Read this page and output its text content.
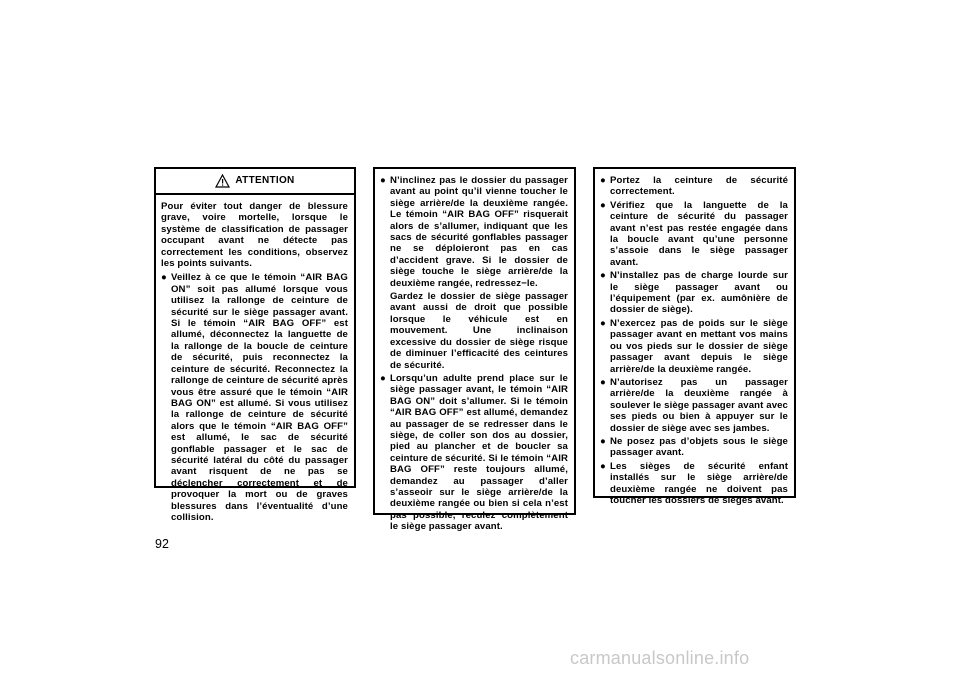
ATTENTION

Pour éviter tout danger de blessure grave, voire mortelle, lorsque le système de classification de passager occupant avant ne détecte pas correctement les conditions, observez les points suivants.

● Veillez à ce que le témoin “AIR BAG ON” soit pas allumé lorsque vous utilisez la rallonge de ceinture de sécurité sur le siège passager avant. Si le témoin “AIR BAG OFF” est allumé, déconnectez la languette de la rallonge de la boucle de ceinture de sécurité, puis reconnectez la ceinture de sécurité. Reconnectez la rallonge de ceinture de sécurité après vous être assuré que le témoin “AIR BAG ON” est allumé. Si vous utilisez la rallonge de ceinture de sécurité alors que le témoin “AIR BAG OFF” est allumé, le sac de sécurité gonflable passager et le sac de sécurité latéral du côté du passager avant risquent de ne pas se déclencher correctement et de provoquer la mort ou de graves blessures dans l’éventualité d’une collision.

● N’inclinez pas le dossier du passager avant au point qu’il vienne toucher le siège arrière/de la deuxième rangée. Le témoin “AIR BAG OFF” risquerait alors de s’allumer, indiquant que les sacs de sécurité gonflables passager ne se déploieront pas en cas d’accident grave. Si le dossier de siège touche le siège arrière/de la deuxième rangée, redressez−le.

Gardez le dossier de siège passager avant aussi de droit que possible lorsque le véhicule est en mouvement. Une inclinaison excessive du dossier de siège risque de diminuer l’efficacité des ceintures de sécurité.

● Lorsqu’un adulte prend place sur le siège passager avant, le témoin “AIR BAG ON” doit s’allumer. Si le témoin “AIR BAG OFF” est allumé, demandez au passager de se redresser dans le siège, de coller son dos au dossier, pied au plancher et de boucler sa ceinture de sécurité. Si le témoin “AIR BAG OFF” reste toujours allumé, demandez au passager d’aller s’asseoir sur le siège arrière/de la deuxième rangée ou bien si cela n’est pas possible, reculez complètement le siège passager avant.

● Portez la ceinture de sécurité correctement.

● Vérifiez que la languette de la ceinture de sécurité du passager avant n’est pas restée engagée dans la boucle avant qu’une personne s’assoie dans le siège passager avant.

● N’installez pas de charge lourde sur le siège passager avant ou l’équipement (par ex. aumônière de dossier de siège).

● N’exercez pas de poids sur le siège passager avant en mettant vos mains ou vos pieds sur le dossier de siège passager avant depuis le siège arrière/de la deuxième rangée.

● N’autorisez pas un passager arrière/de la deuxième rangée à soulever le siège passager avant avec ses pieds ou bien à appuyer sur le dossier de siège avec ses jambes.

● Ne posez pas d’objets sous le siège passager avant.

● Les sièges de sécurité enfant installés sur le siège arrière/de deuxième rangée ne doivent pas toucher les dossiers de sièges avant.

92
carmanualsonline.info
